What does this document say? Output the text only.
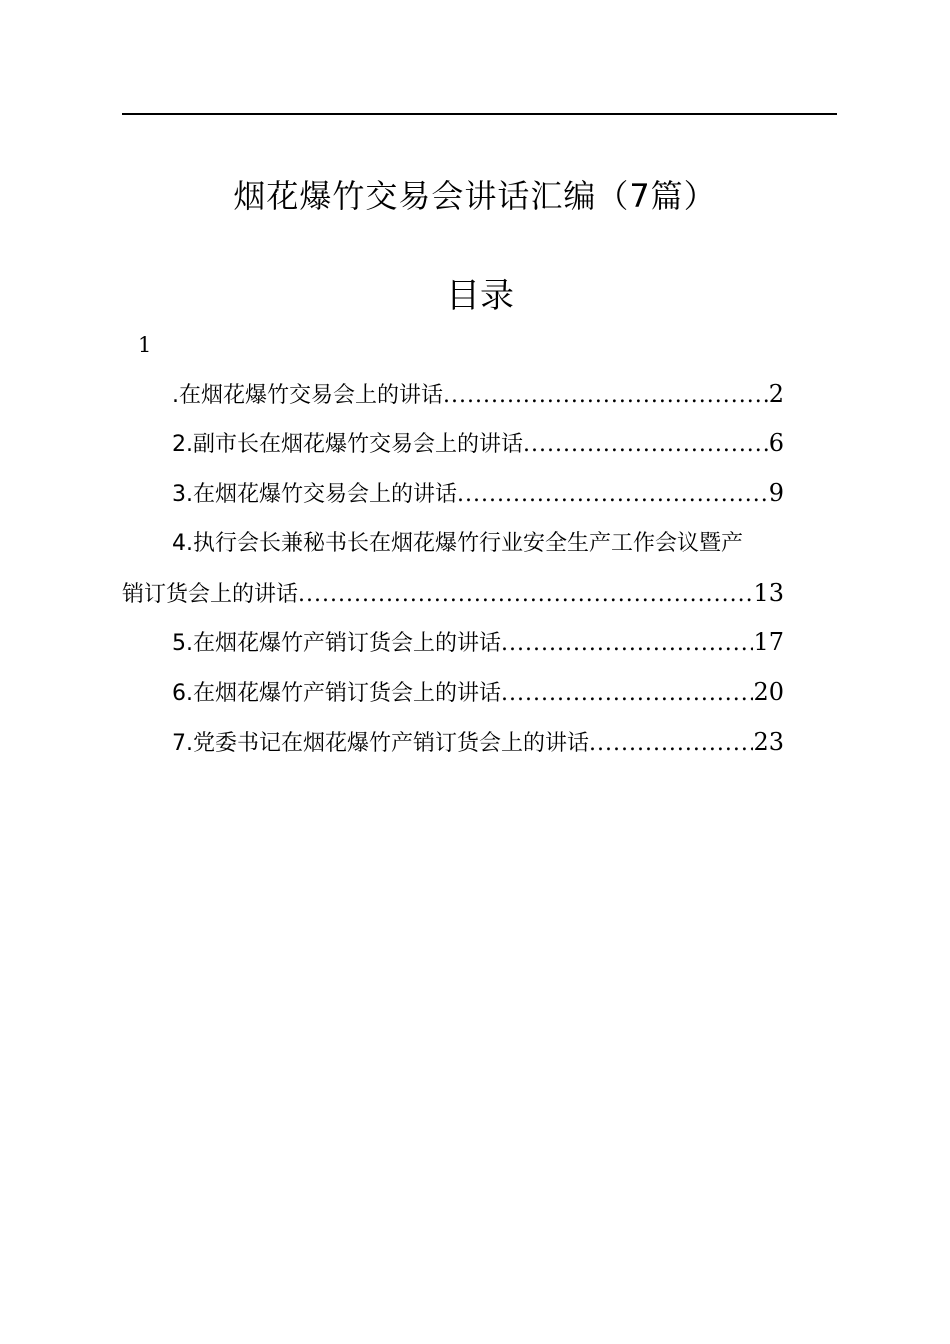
烟花爆竹交易会讲话汇编（7篇）
目录
1
.在烟花爆竹交易会上的讲话 .....	2
2.副市长在烟花爆竹交易会上的讲话 .....	6
3.在烟花爆竹交易会上的讲话 .....	9
4.执行会长兼秘书长在烟花爆竹行业安全生产工作会议暨产
销订货会上的讲话 .....	13
5.在烟花爆竹产销订货会上的讲话 .....	17
6.在烟花爆竹产销订货会上的讲话 .....	20
7.党委书记在烟花爆竹产销订货会上的讲话 .....	23
